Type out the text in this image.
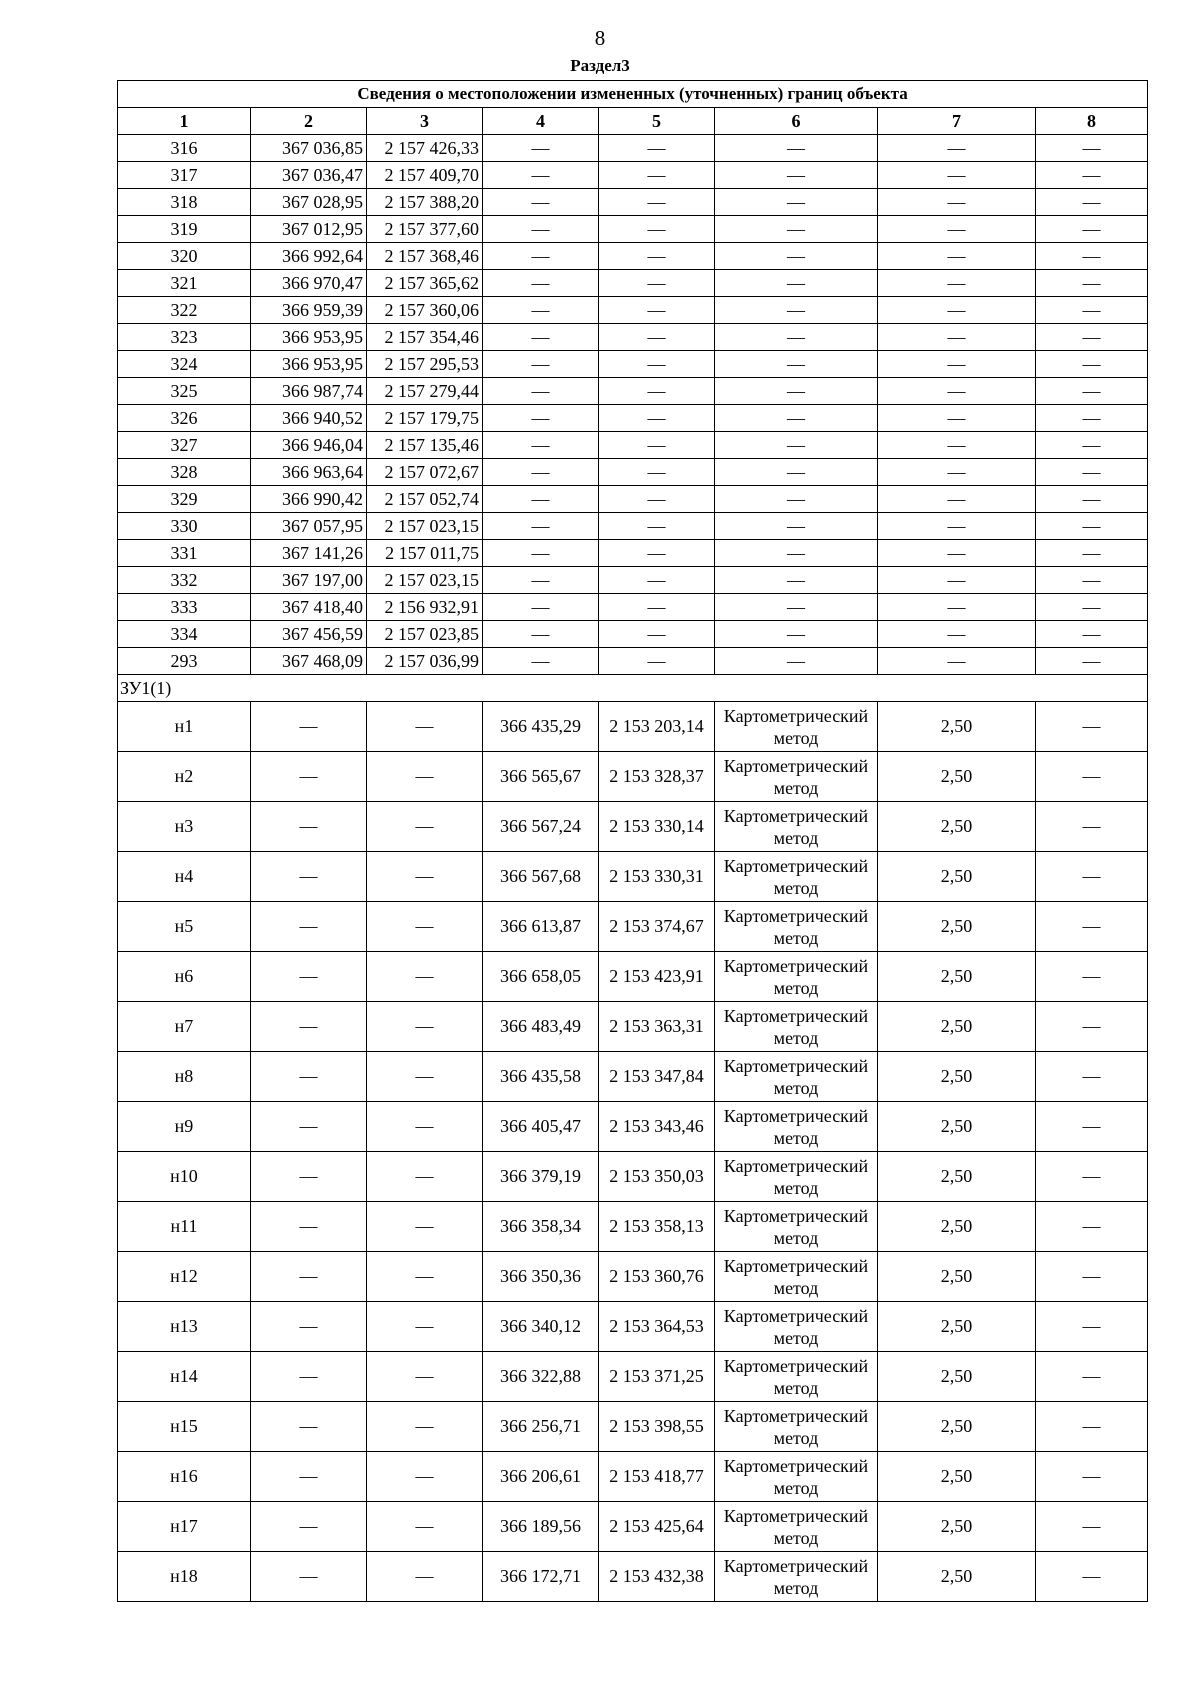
8
Раздел3
Сведения о местоположении измененных (уточненных) границ объекта							
1	2	3	4	5	6	7	8
316	367 036,85	2 157 426,33	—	—	—	—	—
317	367 036,47	2 157 409,70	—	—	—	—	—
318	367 028,95	2 157 388,20	—	—	—	—	—
319	367 012,95	2 157 377,60	—	—	—	—	—
320	366 992,64	2 157 368,46	—	—	—	—	—
321	366 970,47	2 157 365,62	—	—	—	—	—
322	366 959,39	2 157 360,06	—	—	—	—	—
323	366 953,95	2 157 354,46	—	—	—	—	—
324	366 953,95	2 157 295,53	—	—	—	—	—
325	366 987,74	2 157 279,44	—	—	—	—	—
326	366 940,52	2 157 179,75	—	—	—	—	—
327	366 946,04	2 157 135,46	—	—	—	—	—
328	366 963,64	2 157 072,67	—	—	—	—	—
329	366 990,42	2 157 052,74	—	—	—	—	—
330	367 057,95	2 157 023,15	—	—	—	—	—
331	367 141,26	2 157 011,75	—	—	—	—	—
332	367 197,00	2 157 023,15	—	—	—	—	—
333	367 418,40	2 156 932,91	—	—	—	—	—
334	367 456,59	2 157 023,85	—	—	—	—	—
293	367 468,09	2 157 036,99	—	—	—	—	—
ЗУ1(1)							
н1	—	—	366 435,29	2 153 203,14	Картометрический метод	2,50	—
н2	—	—	366 565,67	2 153 328,37	Картометрический метод	2,50	—
н3	—	—	366 567,24	2 153 330,14	Картометрический метод	2,50	—
н4	—	—	366 567,68	2 153 330,31	Картометрический метод	2,50	—
н5	—	—	366 613,87	2 153 374,67	Картометрический метод	2,50	—
н6	—	—	366 658,05	2 153 423,91	Картометрический метод	2,50	—
н7	—	—	366 483,49	2 153 363,31	Картометрический метод	2,50	—
н8	—	—	366 435,58	2 153 347,84	Картометрический метод	2,50	—
н9	—	—	366 405,47	2 153 343,46	Картометрический метод	2,50	—
н10	—	—	366 379,19	2 153 350,03	Картометрический метод	2,50	—
н11	—	—	366 358,34	2 153 358,13	Картометрический метод	2,50	—
н12	—	—	366 350,36	2 153 360,76	Картометрический метод	2,50	—
н13	—	—	366 340,12	2 153 364,53	Картометрический метод	2,50	—
н14	—	—	366 322,88	2 153 371,25	Картометрический метод	2,50	—
н15	—	—	366 256,71	2 153 398,55	Картометрический метод	2,50	—
н16	—	—	366 206,61	2 153 418,77	Картометрический метод	2,50	—
н17	—	—	366 189,56	2 153 425,64	Картометрический метод	2,50	—
н18	—	—	366 172,71	2 153 432,38	Картометрический метод	2,50	—
